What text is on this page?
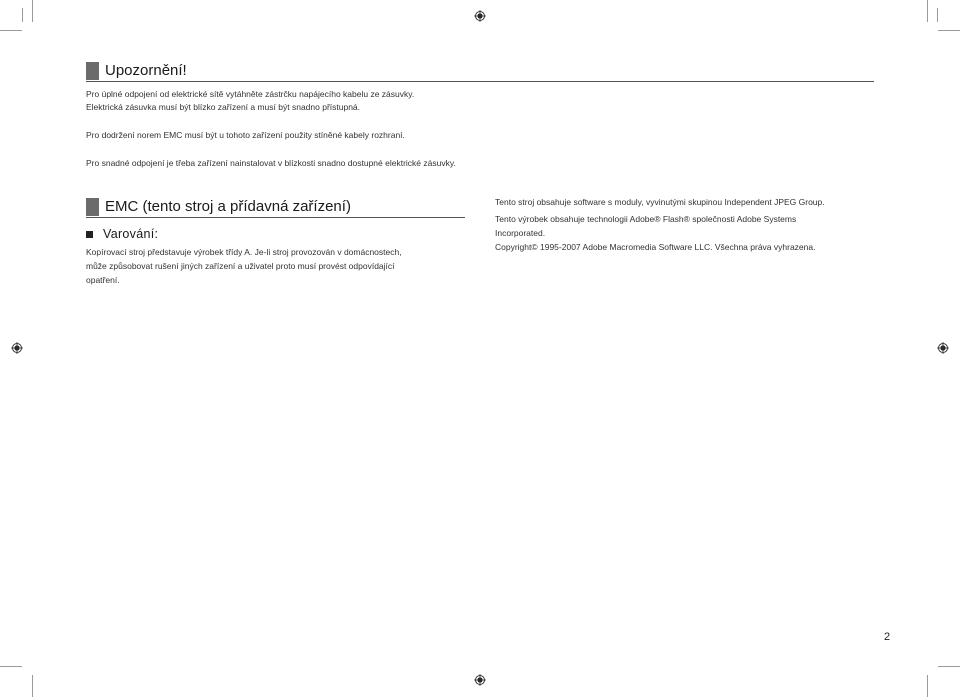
Upozornění!

Pro úplné odpojení od elektrické sítě vytáhněte zástrčku napájecího kabelu ze zásuvky.

Elektrická zásuvka musí být blízko zařízení a musí být snadno přístupná.

Pro dodržení norem EMC musí být u tohoto zařízení použity stíněné kabely rozhraní.

Pro snadné odpojení je třeba zařízení nainstalovat v blízkosti snadno dostupné elektrické zásuvky.

EMC (tento stroj a přídavná zařízení)
Varování:

Kopírovací stroj představuje výrobek třídy A. Je-li stroj provozován v domácnostech,

může způsobovat rušení jiných zařízení a uživatel proto musí provést odpovídající

opatření.

Tento stroj obsahuje software s moduly, vyvinutými skupinou Independent JPEG Group.

Tento výrobek obsahuje technologii Adobe® Flash® společnosti Adobe Systems

Incorporated.

Copyright© 1995-2007 Adobe Macromedia Software LLC. Všechna práva vyhrazena.

2
